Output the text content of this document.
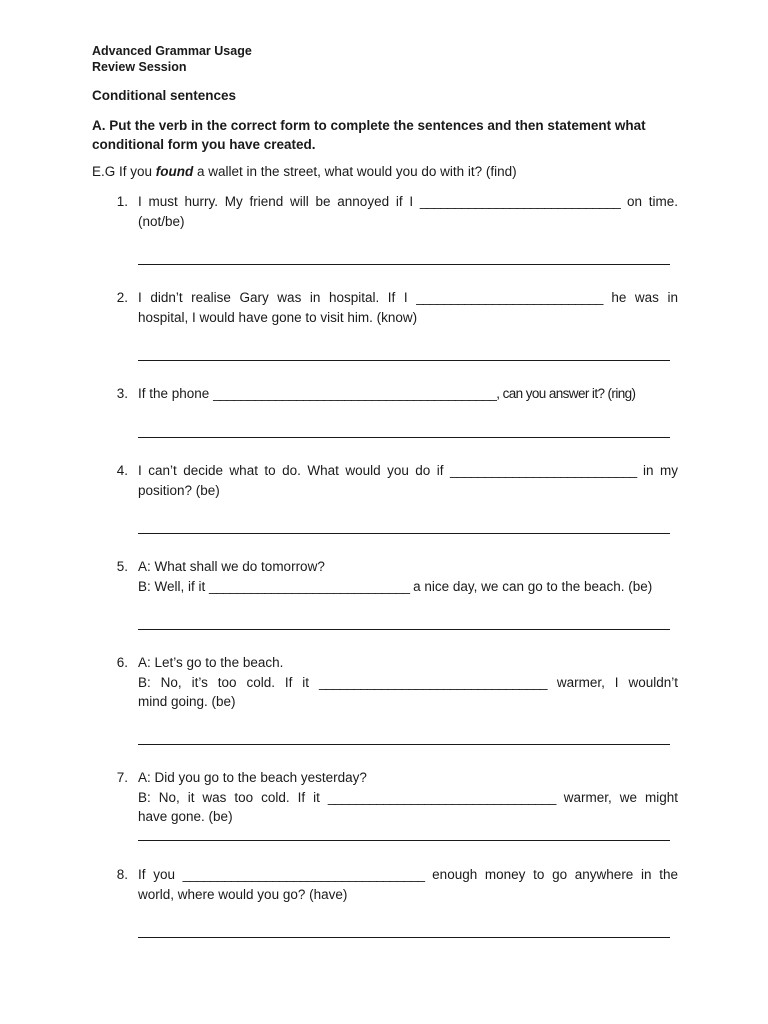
Advanced Grammar Usage
Review Session
Conditional sentences
A. Put the verb in the correct form to complete the sentences and then statement what conditional form you have created.
E.G If you found a wallet in the street, what would you do with it? (find)
1. I must hurry. My friend will be annoyed if I _____________________________ on time.
(not/be)
2. I didn’t realise Gary was in hospital. If I ___________________________ he was in
hospital, I would have gone to visit him. (know)
3. If the phone _________________________________________, can you answer it? (ring)
4. I can’t decide what to do. What would you do if ___________________________ in my
position? (be)
5. A: What shall we do tomorrow?
B: Well, if it _____________________________ a nice day, we can go to the beach. (be)
6. A: Let’s go to the beach.
B: No, it’s too cold. If it _________________________________ warmer, I wouldn’t
mind going. (be)
7. A: Did you go to the beach yesterday?
B: No, it was too cold. If it _________________________________ warmer, we might
have gone. (be)
8. If you ___________________________________ enough money to go anywhere in the
world, where would you go? (have)
